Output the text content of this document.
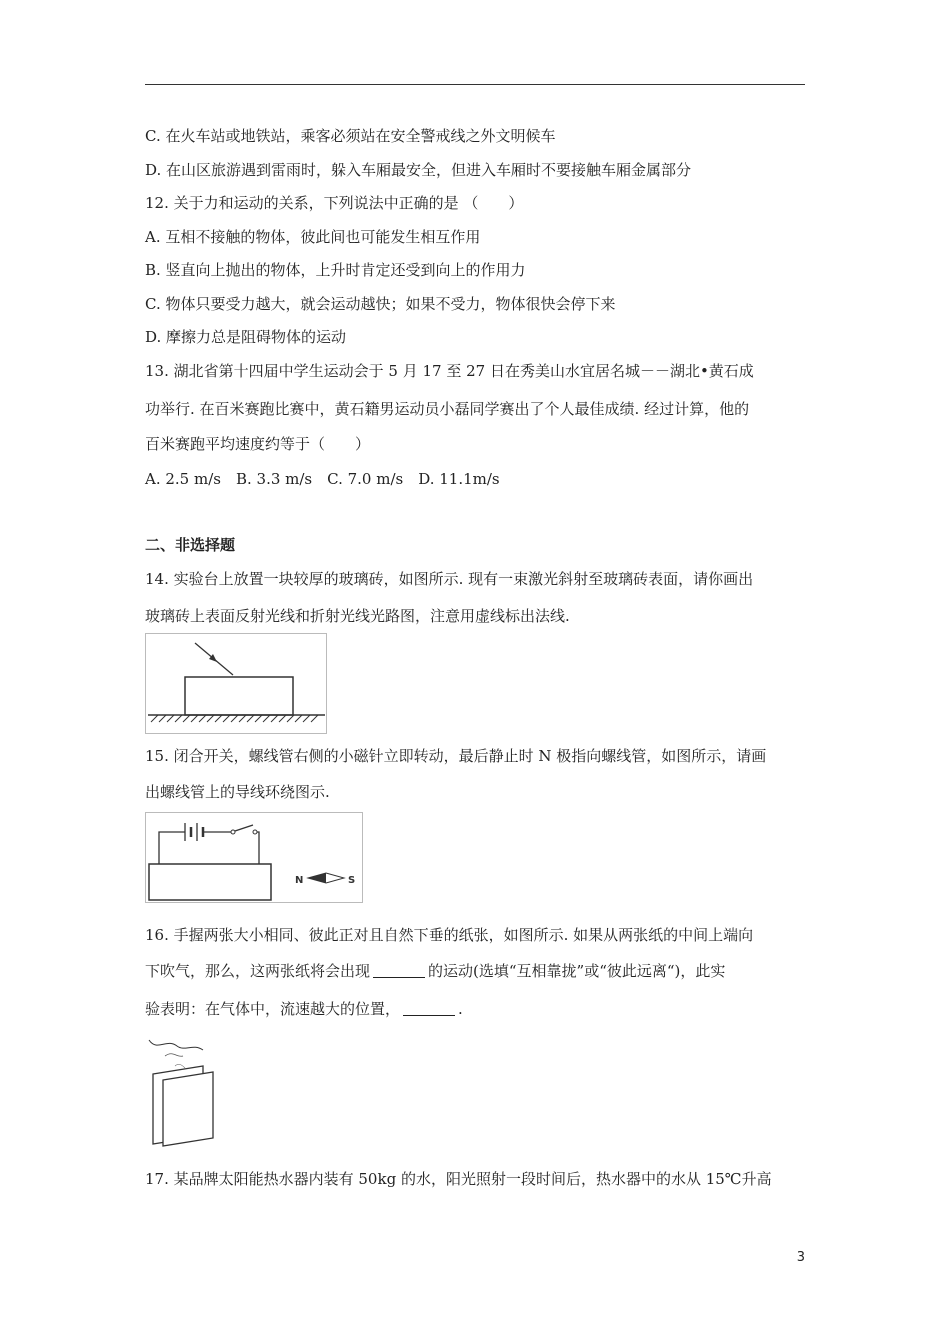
C. 在火车站或地铁站，乘客必须站在安全警戒线之外文明候车
D. 在山区旅游遇到雷雨时，躲入车厢最安全，但进入车厢时不要接触车厢金属部分
12. 关于力和运动的关系，下列说法中正确的是 （　　）
A. 互相不接触的物体，彼此间也可能发生相互作用
B. 竖直向上抛出的物体，上升时肯定还受到向上的作用力
C. 物体只要受力越大，就会运动越快；如果不受力，物体很快会停下来
D. 摩擦力总是阻碍物体的运动
13. 湖北省第十四届中学生运动会于 5 月 17 至 27 日在秀美山水宜居名城－－湖北•黄石成
功举行. 在百米赛跑比赛中，黄石籍男运动员小磊同学赛出了个人最佳成绩. 经过计算，他的
百米赛跑平均速度约等于（　　）
A. 2.5 m/s　B. 3.3 m/s　C. 7.0 m/s　D. 11.1m/s
二、非选择题
14. 实验台上放置一块较厚的玻璃砖，如图所示. 现有一束激光斜射至玻璃砖表面，请你画出
玻璃砖上表面反射光线和折射光线光路图，注意用虚线标出法线.
15. 闭合开关，螺线管右侧的小磁针立即转动，最后静止时 N 极指向螺线管，如图所示，请画
出螺线管上的导线环绕图示.
N	S
16. 手握两张大小相同、彼此正对且自然下垂的纸张，如图所示. 如果从两张纸的中间上端向
下吹气，那么，这两张纸将会出现	的运动(选填“互相靠拢”或“彼此远离“)，此实
验表明：在气体中，流速越大的位置，	.
17. 某品牌太阳能热水器内装有 50kg 的水，阳光照射一段时间后，热水器中的水从 15℃升高
3
